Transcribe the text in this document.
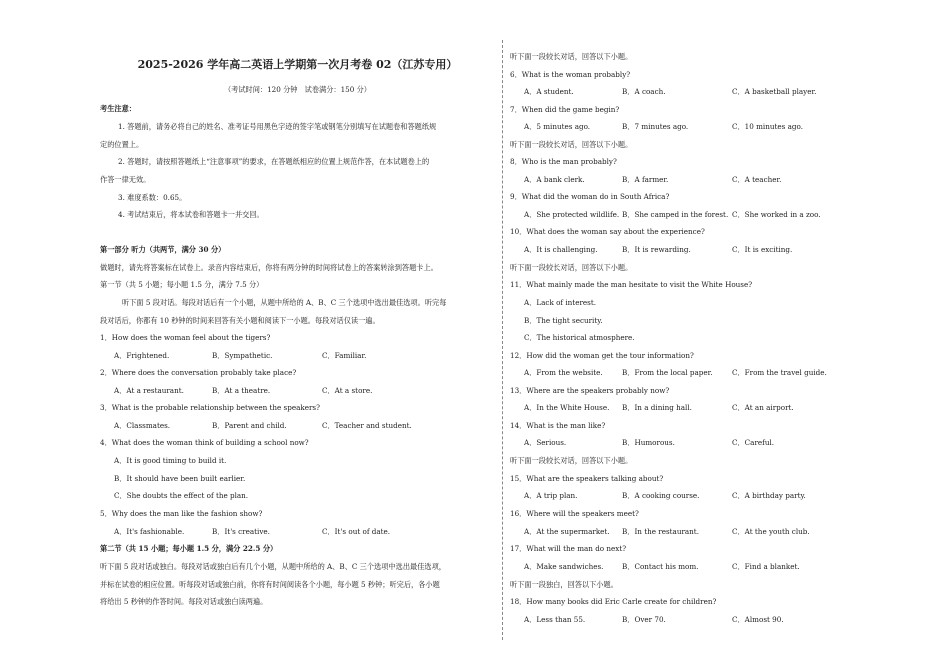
2025-2026 学年高二英语上学期第一次月考卷 02（江苏专用）
（考试时间：120 分钟　试卷满分：150 分）
考生注意：
1. 答题前，请务必将自己的姓名、准考证号用黑色字迹的签字笔或钢笔分别填写在试题卷和答题纸规
定的位置上。
2. 答题时，请按照答题纸上“注意事项”的要求，在答题纸相应的位置上规范作答，在本试题卷上的
作答一律无效。
3. 难度系数：0.65。
4. 考试结束后，将本试卷和答题卡一并交回。
第一部分 听力（共两节，满分 30 分）
做题时，请先将答案标在试卷上。录音内容结束后，你将有两分钟的时间将试卷上的答案转涂到答题卡上。
第一节（共 5 小题；每小题 1.5 分，满分 7.5 分）
听下面 5 段对话。每段对话后有一个小题，从题中所给的 A、B、C 三个选项中选出最佳选项。听完每
段对话后，你都有 10 秒钟的时间来回答有关小题和阅读下一小题。每段对话仅读一遍。
1．How does the woman feel about the tigers?
A．Frightened.	B．Sympathetic.	C．Familiar.
2．Where does the conversation probably take place?
A．At a restaurant.	B．At a theatre.	C．At a store.
3．What is the probable relationship between the speakers?
A．Classmates.	B．Parent and child.	C．Teacher and student.
4．What does the woman think of building a school now?
A．It is good timing to build it.
B．It should have been built earlier.
C．She doubts the effect of the plan.
5．Why does the man like the fashion show?
A．It's fashionable.	B．It's creative.	C．It's out of date.
第二节（共 15 小题；每小题 1.5 分，满分 22.5 分）
听下面 5 段对话或独白。每段对话或独白后有几个小题，从题中所给的 A、B、C 三个选项中选出最佳选项，
并标在试卷的相应位置。听每段对话或独白前，你将有时间阅读各个小题，每小题 5 秒钟；听完后，各小题
将给出 5 秒钟的作答时间。每段对话或独白读两遍。
听下面一段较长对话，回答以下小题。
6．What is the woman probably?
A．A student.	B．A coach.	C．A basketball player.
7．When did the game begin?
A．5 minutes ago.	B．7 minutes ago.	C．10 minutes ago.
听下面一段较长对话，回答以下小题。
8．Who is the man probably?
A．A bank clerk.	B．A farmer.	C．A teacher.
9．What did the woman do in South Africa?
A．She protected wildlife. B．She camped in the forest. C．She worked in a zoo.
10．What does the woman say about the experience?
A．It is challenging.	B．It is rewarding.	C．It is exciting.
听下面一段较长对话，回答以下小题。
11．What mainly made the man hesitate to visit the White House?
A．Lack of interest.
B．The tight security.
C．The historical atmosphere.
12．How did the woman get the tour information?
A．From the website.	B．From the local paper.	C．From the travel guide.
13．Where are the speakers probably now?
A．In the White House. B．In a dining hall.	C．At an airport.
14．What is the man like?
A．Serious.	B．Humorous.	C．Careful.
听下面一段较长对话，回答以下小题。
15．What are the speakers talking about?
A．A trip plan.	B．A cooking course.	C．A birthday party.
16．Where will the speakers meet?
A．At the supermarket. B．In the restaurant.	C．At the youth club.
17．What will the man do next?
A．Make sandwiches.	B．Contact his mom.	C．Find a blanket.
听下面一段独白，回答以下小题。
18．How many books did Eric Carle create for children?
A．Less than 55.	B．Over 70.	C．Almost 90.
